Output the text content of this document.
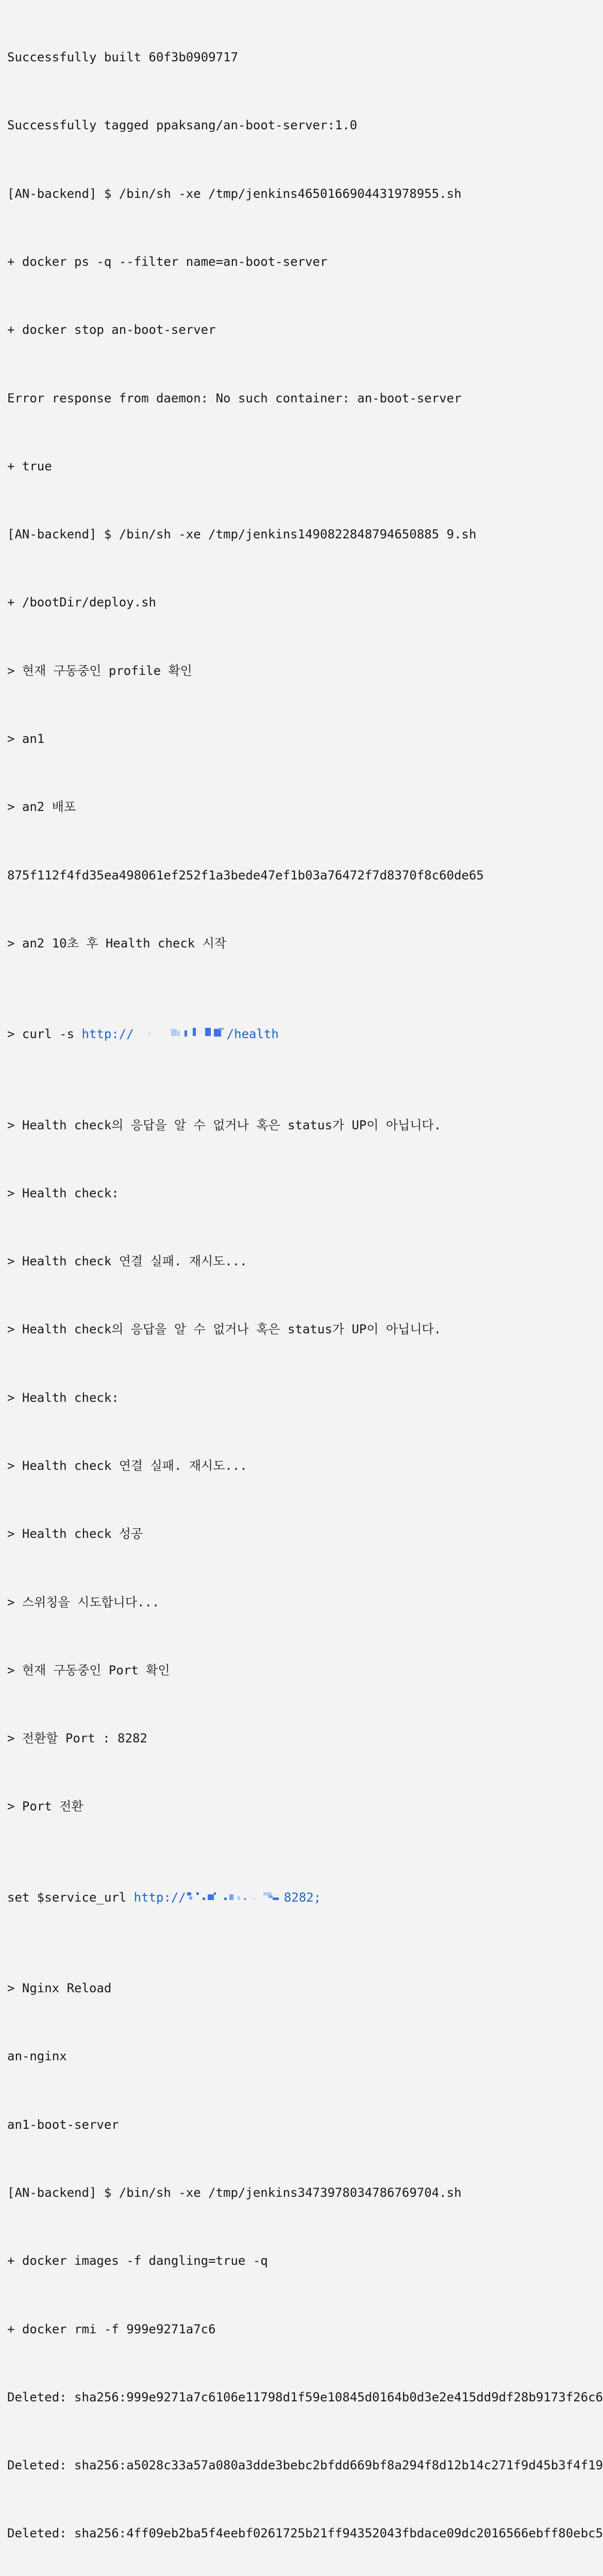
Successfully built 60f3b0909717

Successfully tagged ppaksang/an-boot-server:1.0

[AN-backend] $ /bin/sh -xe /tmp/jenkins4650166904431978955.sh

+ docker ps -q --filter name=an-boot-server

+ docker stop an-boot-server

Error response from daemon: No such container: an-boot-server

+ true

[AN-backend] $ /bin/sh -xe /tmp/jenkins1490822848794650885 9.sh

+ /bootDir/deploy.sh

> 현재 구동중인 profile 확인

> an1

> an2 배포

875f112f4fd35ea498061ef252f1a3bede47ef1b03a76472f7d8370f8c60de65

> an2 10초 후 Health check 시작

> curl -s http://	/health

> Health check의 응답을 알 수 없거나 혹은 status가 UP이 아닙니다.

> Health check:

> Health check 연결 실패. 재시도...

> Health check의 응답을 알 수 없거나 혹은 status가 UP이 아닙니다.

> Health check:

> Health check 연결 실패. 재시도...

> Health check 성공

> 스위칭을 시도합니다...

> 현재 구동중인 Port 확인

> 전환할 Port : 8282

> Port 전환

set $service_url http://	8282;

> Nginx Reload

an-nginx

an1-boot-server

[AN-backend] $ /bin/sh -xe /tmp/jenkins3473978034786769704.sh

+ docker images -f dangling=true -q

+ docker rmi -f 999e9271a7c6

Deleted: sha256:999e9271a7c6106e11798d1f59e10845d0164b0d3e2e415dd9df28b9173f26c6

Deleted: sha256:a5028c33a57a080a3dde3bebc2bfdd669bf8a294f8d12b14c271f9d45b3f4f19

Deleted: sha256:4ff09eb2ba5f4eebf0261725b21ff94352043fbdace09dc2016566ebff80ebc5
